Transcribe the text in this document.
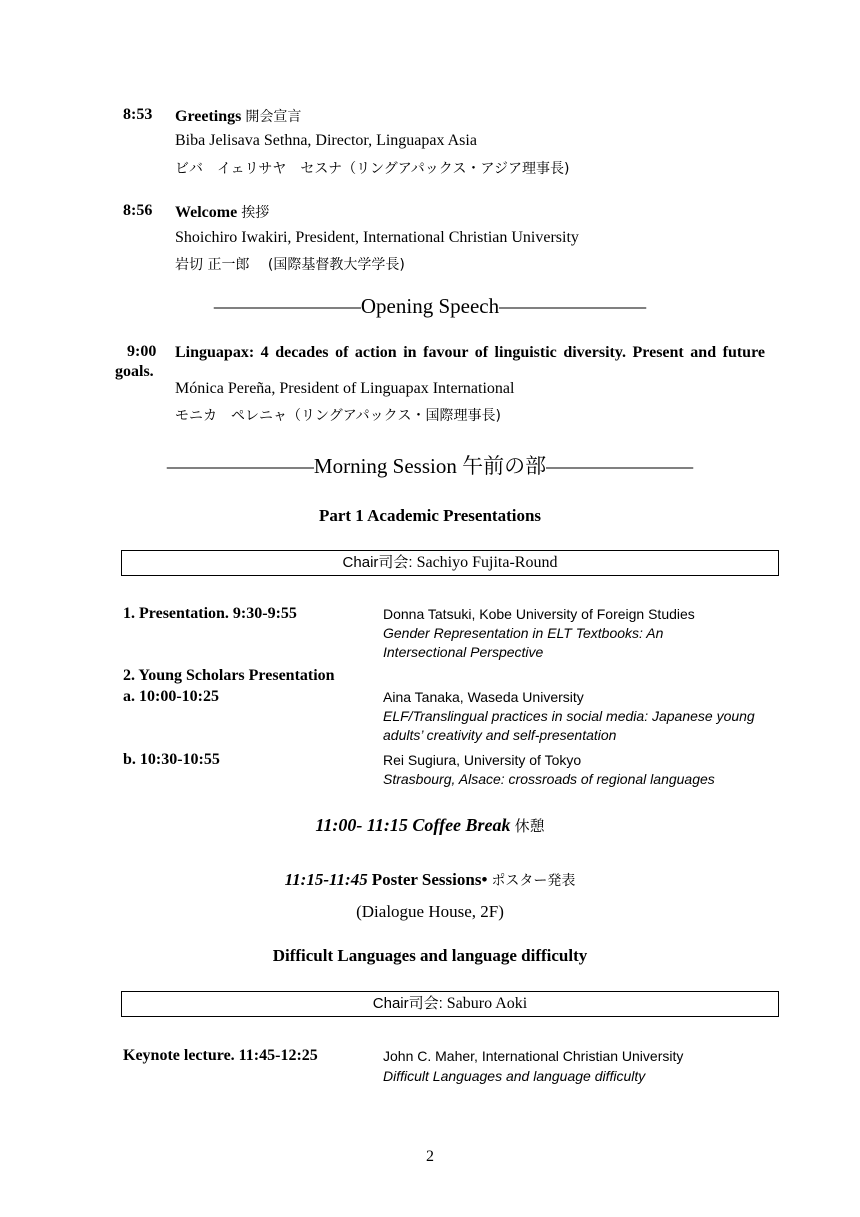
8:53 Greetings 開会宣言
Biba Jelisava Sethna, Director, Linguapax Asia
ビバ　イェリサヤ　セスナ（リングアパックス・アジア理事長)
8:56 Welcome 挨拶
Shoichiro Iwakiri, President, International Christian University
岩切 正一郎　 (国際基督教大学学長)
———————Opening Speech———————
9:00	Linguapax: 4 decades of action in favour of linguistic diversity. Present and future goals.
Mónica Pereña, President of Linguapax International
モニカ　ペレニャ（リングアパックス・国際理事長)
———————Morning Session 午前の部———————
Part 1 Academic Presentations
Chair司会: Sachiyo Fujita-Round
1. Presentation. 9:30-9:55	Donna Tatsuki, Kobe University of Foreign Studies
Gender Representation in ELT Textbooks: An
Intersectional Perspective
2. Young Scholars Presentation
a. 10:00-10:25	Aina Tanaka, Waseda University
ELF/Translingual practices in social media: Japanese young
adults’ creativity and self-presentation
b. 10:30-10:55	Rei Sugiura, University of Tokyo
Strasbourg, Alsace: crossroads of regional languages
11:00- 11:15 Coffee Break 休憩
11:15-11:45 Poster Sessions• ポスター発表
(Dialogue House, 2F)
Difficult Languages and language difficulty
Chair司会: Saburo Aoki
Keynote lecture. 11:45-12:25	John C. Maher, International Christian University
Difficult Languages and language difficulty
2
